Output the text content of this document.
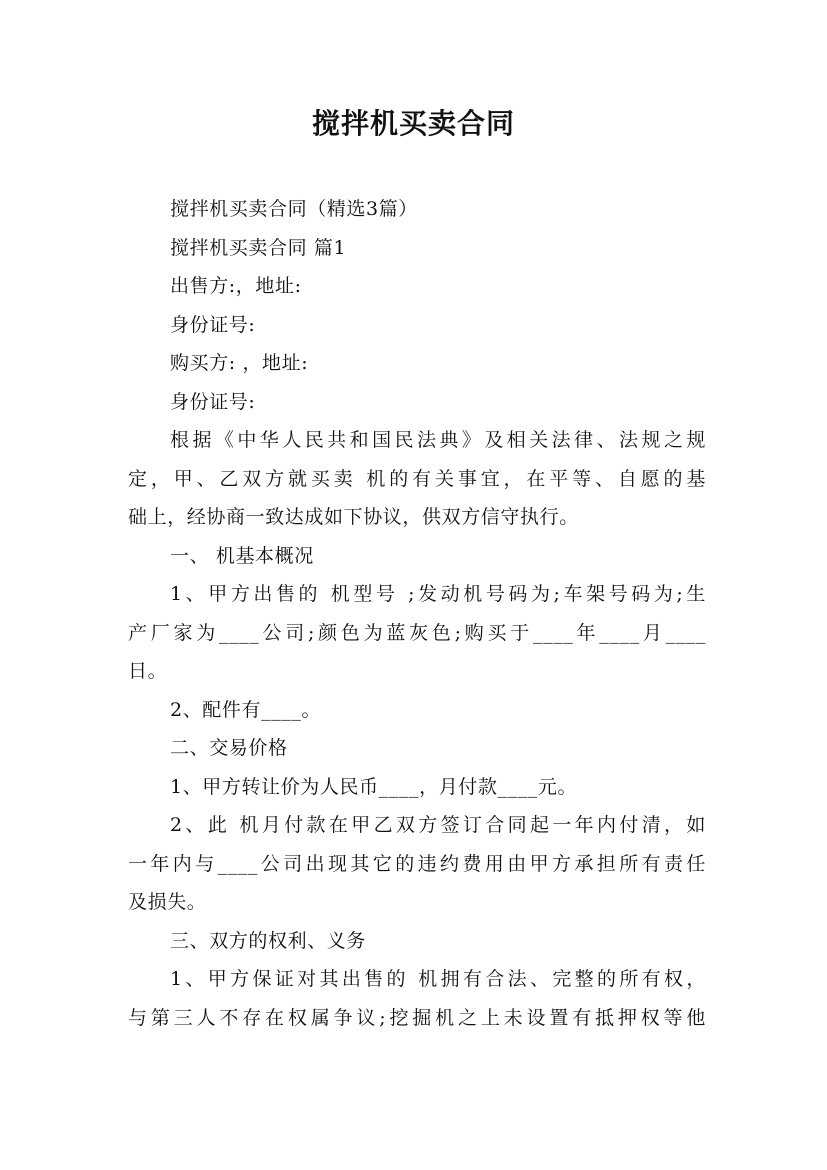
搅拌机买卖合同
搅拌机买卖合同（精选3篇）
搅拌机买卖合同 篇1
出售方:，地址:
身份证号:
购买方: ，地址:
身份证号:
根据《中华人民共和国民法典》及相关法律、法规之规
定，甲、乙双方就买卖 机的有关事宜，在平等、自愿的基
础上，经协商一致达成如下协议，供双方信守执行。
一、 机基本概况
1、甲方出售的 机型号 ;发动机号码为;车架号码为;生
产厂家为____公司;颜色为蓝灰色;购买于____年____月____
日。
2、配件有____。
二、交易价格
1、甲方转让价为人民币____，月付款____元。
2、此 机月付款在甲乙双方签订合同起一年内付清，如
一年内与____公司出现其它的违约费用由甲方承担所有责任
及损失。
三、双方的权利、义务
1、甲方保证对其出售的 机拥有合法、完整的所有权，
与第三人不存在权属争议;挖掘机之上未设置有抵押权等他
